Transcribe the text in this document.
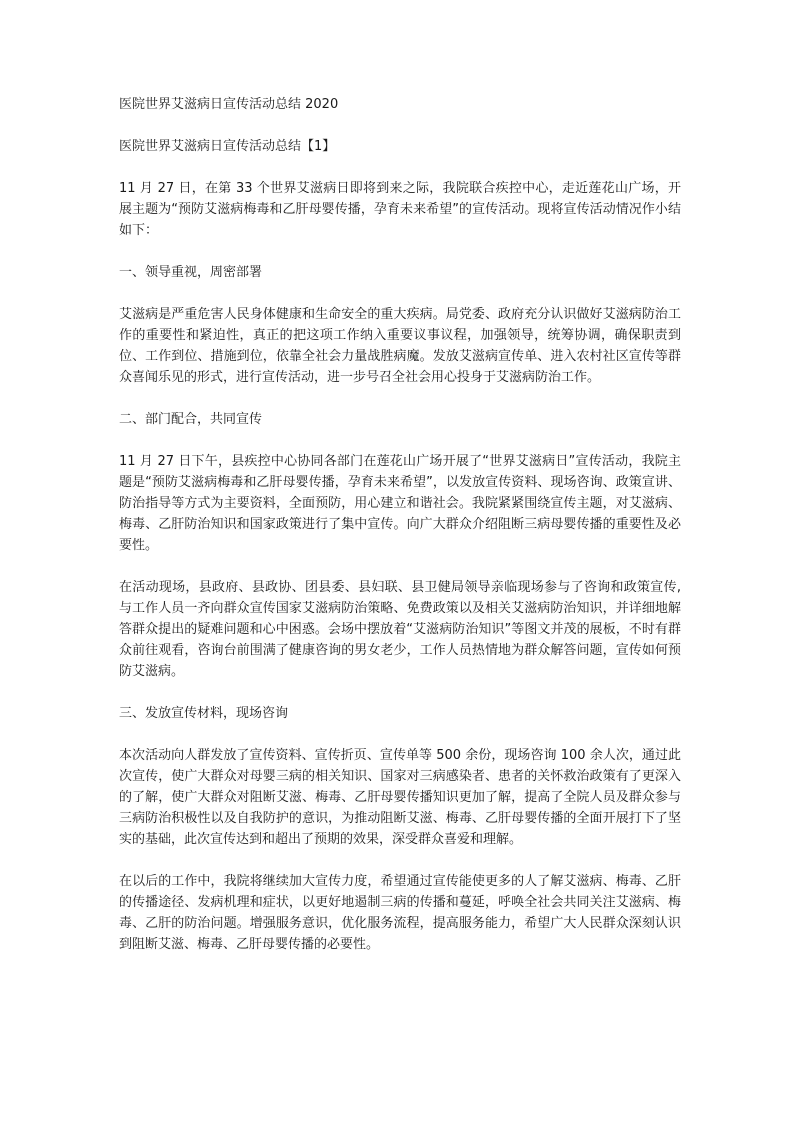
医院世界艾滋病日宣传活动总结 2020

医院世界艾滋病日宣传活动总结【1】

11 月 27 日，在第 33 个世界艾滋病日即将到来之际，我院联合疾控中心，走近莲花山广场，开展主题为“预防艾滋病梅毒和乙肝母婴传播，孕育未来希望”的宣传活动。现将宣传活动情况作小结如下：

一、领导重视，周密部署

艾滋病是严重危害人民身体健康和生命安全的重大疾病。局党委、政府充分认识做好艾滋病防治工作的重要性和紧迫性，真正的把这项工作纳入重要议事议程，加强领导，统筹协调，确保职责到位、工作到位、措施到位，依靠全社会力量战胜病魔。发放艾滋病宣传单、进入农村社区宣传等群众喜闻乐见的形式，进行宣传活动，进一步号召全社会用心投身于艾滋病防治工作。

二、部门配合，共同宣传

11 月 27 日下午，县疾控中心协同各部门在莲花山广场开展了“世界艾滋病日”宣传活动，我院主题是“预防艾滋病梅毒和乙肝母婴传播，孕育未来希望”，以发放宣传资料、现场咨询、政策宣讲、防治指导等方式为主要资料，全面预防，用心建立和谐社会。我院紧紧围绕宣传主题，对艾滋病、梅毒、乙肝防治知识和国家政策进行了集中宣传。向广大群众介绍阻断三病母婴传播的重要性及必要性。

在活动现场，县政府、县政协、团县委、县妇联、县卫健局领导亲临现场参与了咨询和政策宣传,与工作人员一齐向群众宣传国家艾滋病防治策略、免费政策以及相关艾滋病防治知识，并详细地解答群众提出的疑难问题和心中困惑。会场中摆放着“艾滋病防治知识”等图文并茂的展板，不时有群众前往观看，咨询台前围满了健康咨询的男女老少，工作人员热情地为群众解答问题，宣传如何预防艾滋病。

三、发放宣传材料，现场咨询

本次活动向人群发放了宣传资料、宣传折页、宣传单等 500 余份，现场咨询 100 余人次，通过此次宣传，使广大群众对母婴三病的相关知识、国家对三病感染者、患者的关怀救治政策有了更深入的了解，使广大群众对阻断艾滋、梅毒、乙肝母婴传播知识更加了解，提高了全院人员及群众参与三病防治积极性以及自我防护的意识，为推动阻断艾滋、梅毒、乙肝母婴传播的全面开展打下了坚实的基础，此次宣传达到和超出了预期的效果，深受群众喜爱和理解。

在以后的工作中，我院将继续加大宣传力度，希望通过宣传能使更多的人了解艾滋病、梅毒、乙肝的传播途径、发病机理和症状，以更好地遏制三病的传播和蔓延，呼唤全社会共同关注艾滋病、梅毒、乙肝的防治问题。增强服务意识，优化服务流程，提高服务能力，希望广大人民群众深刻认识到阻断艾滋、梅毒、乙肝母婴传播的必要性。
